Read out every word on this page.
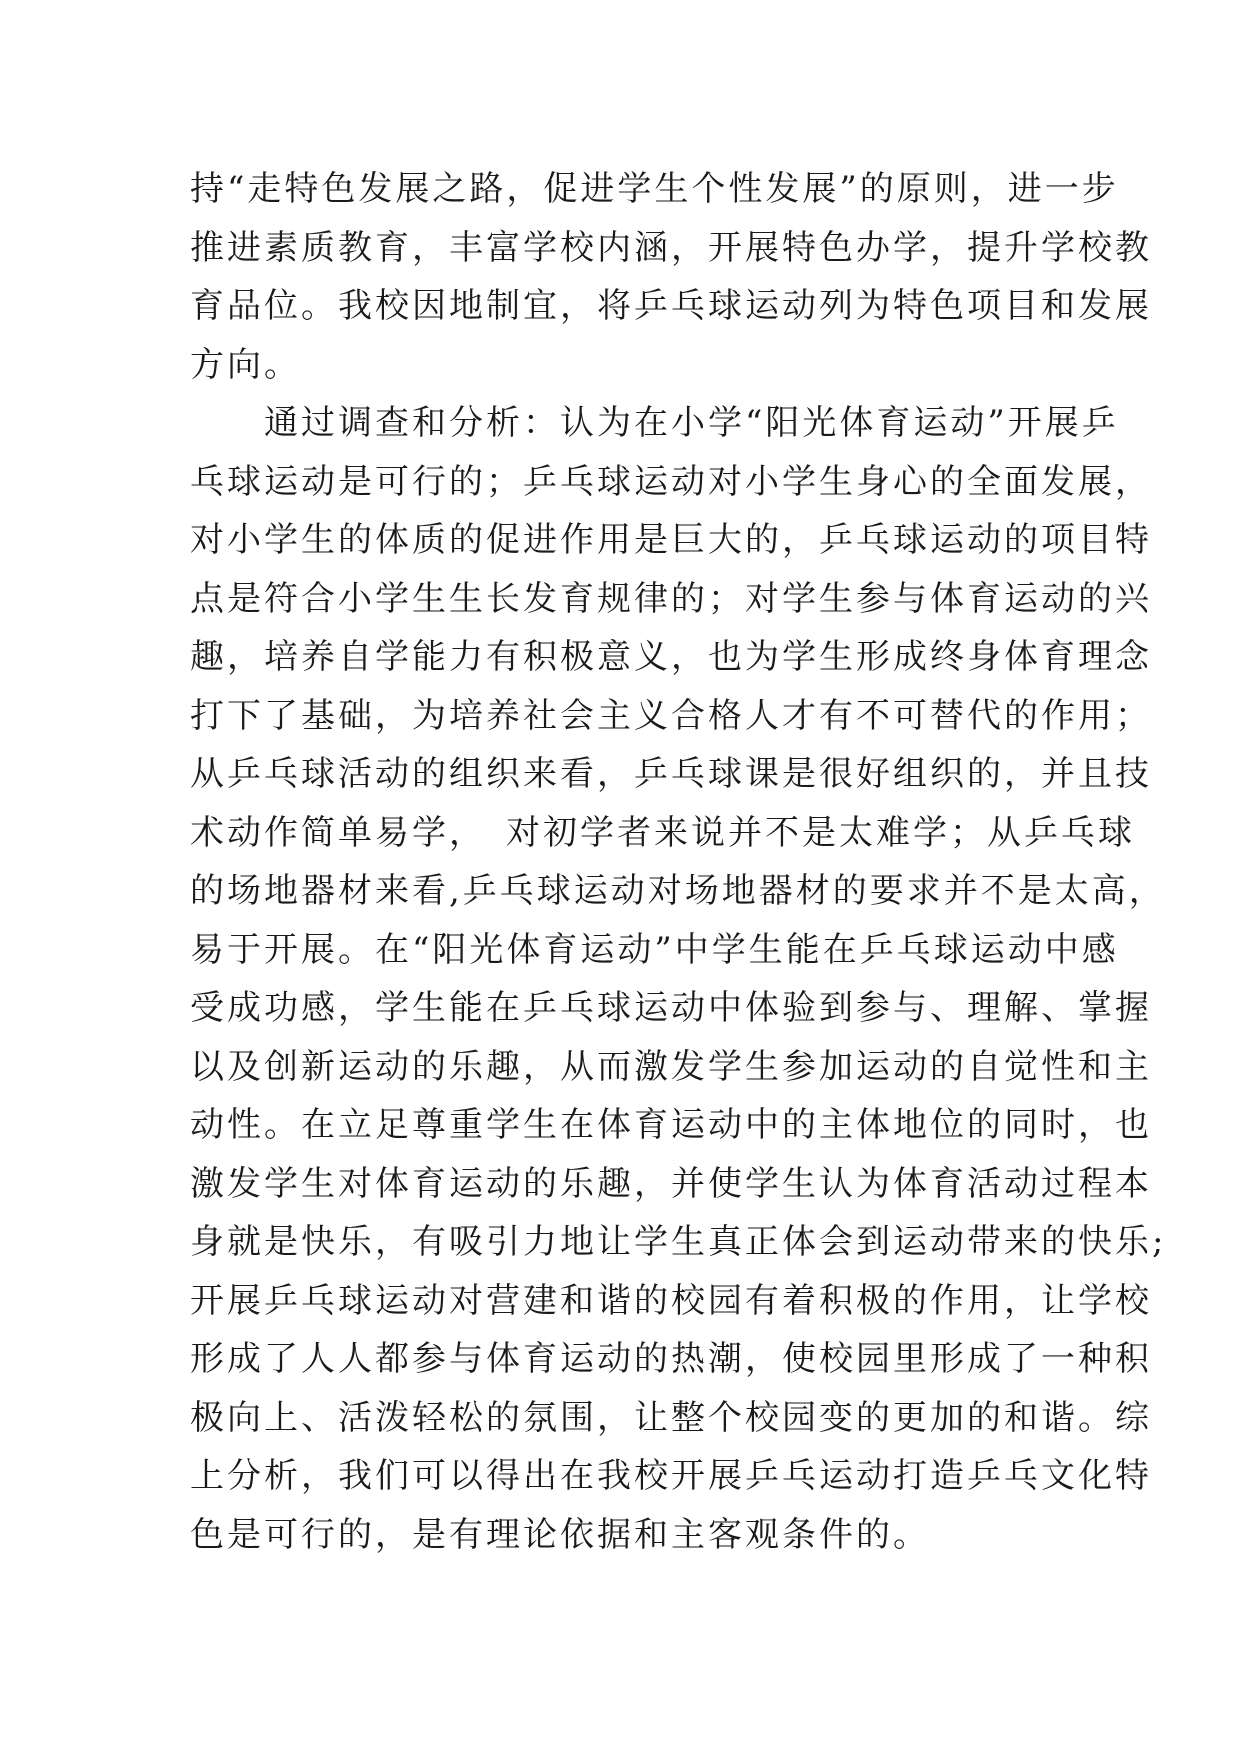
持“走特色发展之路，促进学生个性发展”的原则，进一步
推进素质教育，丰富学校内涵，开展特色办学，提升学校教
育品位。我校因地制宜，将乒乓球运动列为特色项目和发展
方向。
　　通过调查和分析：认为在小学“阳光体育运动”开展乒
乓球运动是可行的；乒乓球运动对小学生身心的全面发展，
对小学生的体质的促进作用是巨大的，乒乓球运动的项目特
点是符合小学生生长发育规律的；对学生参与体育运动的兴
趣，培养自学能力有积极意义，也为学生形成终身体育理念
打下了基础，为培养社会主义合格人才有不可替代的作用；
从乒乓球活动的组织来看，乒乓球课是很好组织的，并且技
术动作简单易学，　对初学者来说并不是太难学；从乒乓球
的场地器材来看,乒乓球运动对场地器材的要求并不是太高，
易于开展。在“阳光体育运动”中学生能在乒乓球运动中感
受成功感，学生能在乒乓球运动中体验到参与、理解、掌握
以及创新运动的乐趣，从而激发学生参加运动的自觉性和主
动性。在立足尊重学生在体育运动中的主体地位的同时，也
激发学生对体育运动的乐趣，并使学生认为体育活动过程本
身就是快乐，有吸引力地让学生真正体会到运动带来的快乐;
开展乒乓球运动对营建和谐的校园有着积极的作用，让学校
形成了人人都参与体育运动的热潮，使校园里形成了一种积
极向上、活泼轻松的氛围，让整个校园变的更加的和谐。综
上分析，我们可以得出在我校开展乒乓运动打造乒乓文化特
色是可行的，是有理论依据和主客观条件的。
